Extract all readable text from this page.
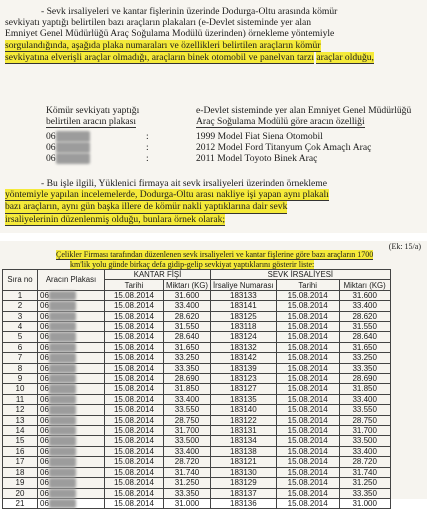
- Sevk irsaliyeleri ve kantar fişlerinin üzerinde Dodurga-Oltu arasında kömür
sevkiyatı yaptığı belirtilen bazı araçların plakaları (e-Devlet sisteminde yer alan
Emniyet Genel Müdürlüğü Araç Soğulama Modülü üzerinden) örnekleme yöntemiyle
sorgulandığında, aşağıda plaka numaraları ve özellikleri belirtilen araçların kömür sevkiyatına elverişli araçlar olmadığı, araçların binek otomobil ve panelvan tarzı araçlar olduğu,
Kömür sevkiyatı yaptığı
belirtilen aracın plakası
e-Devlet sisteminde yer alan Emniyet Genel Müdürlüğü
Araç Soğulama Modülü göre aracın özelliği
06	:	1999 Model Fiat Siena Otomobil
06	:	2012 Model Ford Titanyum Çok Amaçlı Araç
06	:	2011 Model Toyoto Binek Araç
- Bu işle ilgili, Yüklenici firmaya ait sevk irsaliyeleri üzerinden örnekleme
yöntemiyle yapılan incelemelerde, Dodurga-Oltu arası nakliye işi yapan aynı plakalı bazı araçların, aynı gün başka illere de kömür nakli yaptıklarına dair sevk irsaliyelerinin düzenlenmiş olduğu, bunlara örnek olarak;
(Ek: 15/a)
Çelikler Firması tarafından düzenlenen sevk irsaliyeleri ve kantar fişlerine göre bazı araçların 1700
km'lik yolu günde birkaç defa gidip-gelip sevkiyat yaptıklarını gösterir liste:
Sıra no	Aracın Plakası	KANTAR FİŞİ		SEVK İRSALİYESİ		
		Tarihi	Miktarı (KG)	İrsaliye Numarası	Tarihi	Miktarı (KG)
1	06	15.08.2014	31.600	183133	15.08.2014	31.600
2	06	15.08.2014	33.400	183141	15.08.2014	33.400
3	06	15.08.2014	28.620	183125	15.08.2014	28.620
4	06	15.08.2014	31.550	183118	15.08.2014	31.550
5	06	15.08.2014	28.640	183124	15.08.2014	28.640
6	06	15.08.2014	31.650	183132	15.08.2014	31.650
7	06	15.08.2014	33.250	183142	15.08.2014	33.250
8	06	15.08.2014	33.350	183139	15.08.2014	33.350
9	06	15.08.2014	28.690	183123	15.08.2014	28.690
10	06	15.08.2014	31.850	183127	15.08.2014	31.850
11	06	15.08.2014	33.400	183135	15.08.2014	33.400
12	06	15.08.2014	33.550	183140	15.08.2014	33.550
13	06	15.08.2014	28.750	183122	15.08.2014	28.750
14	06	15.08.2014	31.700	183131	15.08.2014	31.700
15	06	15.08.2014	33.500	183134	15.08.2014	33.500
16	06	15.08.2014	33.400	183138	15.08.2014	33.400
17	06	15.08.2014	28.720	183121	15.08.2014	28.720
18	06	15.08.2014	31.740	183130	15.08.2014	31.740
19	06	15.08.2014	31.250	183129	15.08.2014	31.250
20	06	15.08.2014	33.350	183137	15.08.2014	33.350
21	06	15.08.2014	31.000	183136	15.08.2014	31.000
